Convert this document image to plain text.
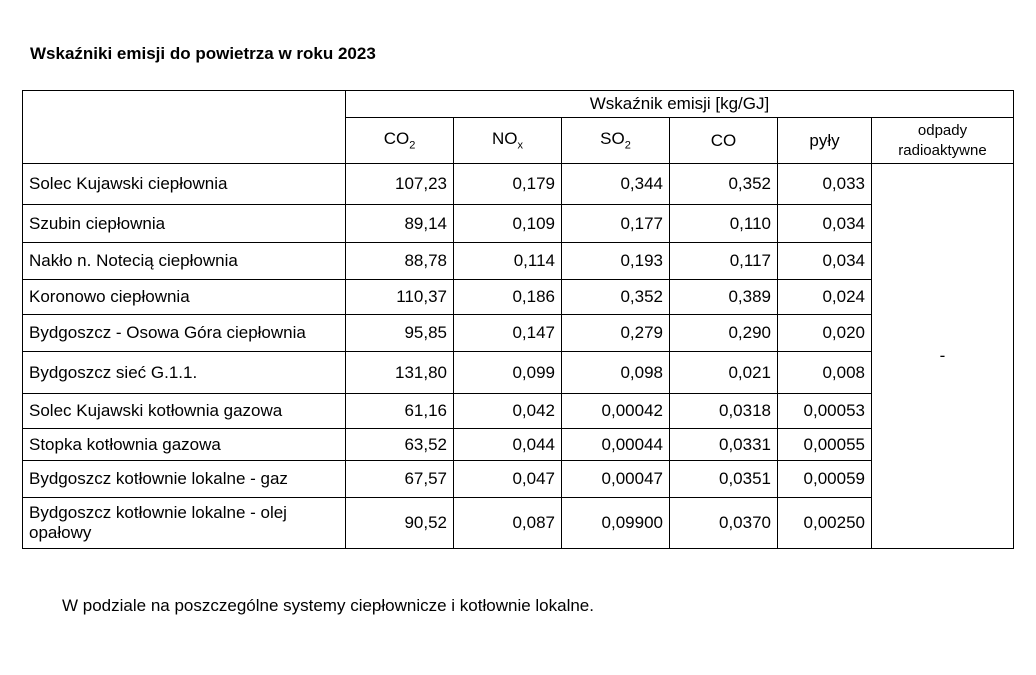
Wskaźniki emisji do powietrza w roku 2023
	Wskaźnik emisji [kg/GJ]					
	$CO_2$	$NO_x$	$SO_2$	CO	pyły	odpady
radioaktywne
Solec Kujawski ciepłownia	107,23	0,179	0,344	0,352	0,033	-
Szubin ciepłownia	89,14	0,109	0,177	0,110	0,034	
Nakło n. Notecią ciepłownia	88,78	0,114	0,193	0,117	0,034	
Koronowo ciepłownia	110,37	0,186	0,352	0,389	0,024	
Bydgoszcz - Osowa Góra ciepłownia	95,85	0,147	0,279	0,290	0,020	
Bydgoszcz sieć G.1.1.	131,80	0,099	0,098	0,021	0,008	
Solec Kujawski kotłownia gazowa	61,16	0,042	0,00042	0,0318	0,00053	
Stopka kotłownia gazowa	63,52	0,044	0,00044	0,0331	0,00055	
Bydgoszcz kotłownie lokalne - gaz	67,57	0,047	0,00047	0,0351	0,00059	
Bydgoszcz kotłownie lokalne - olej opałowy	90,52	0,087	0,09900	0,0370	0,00250	
W podziale na poszczególne systemy ciepłownicze i kotłownie lokalne.
